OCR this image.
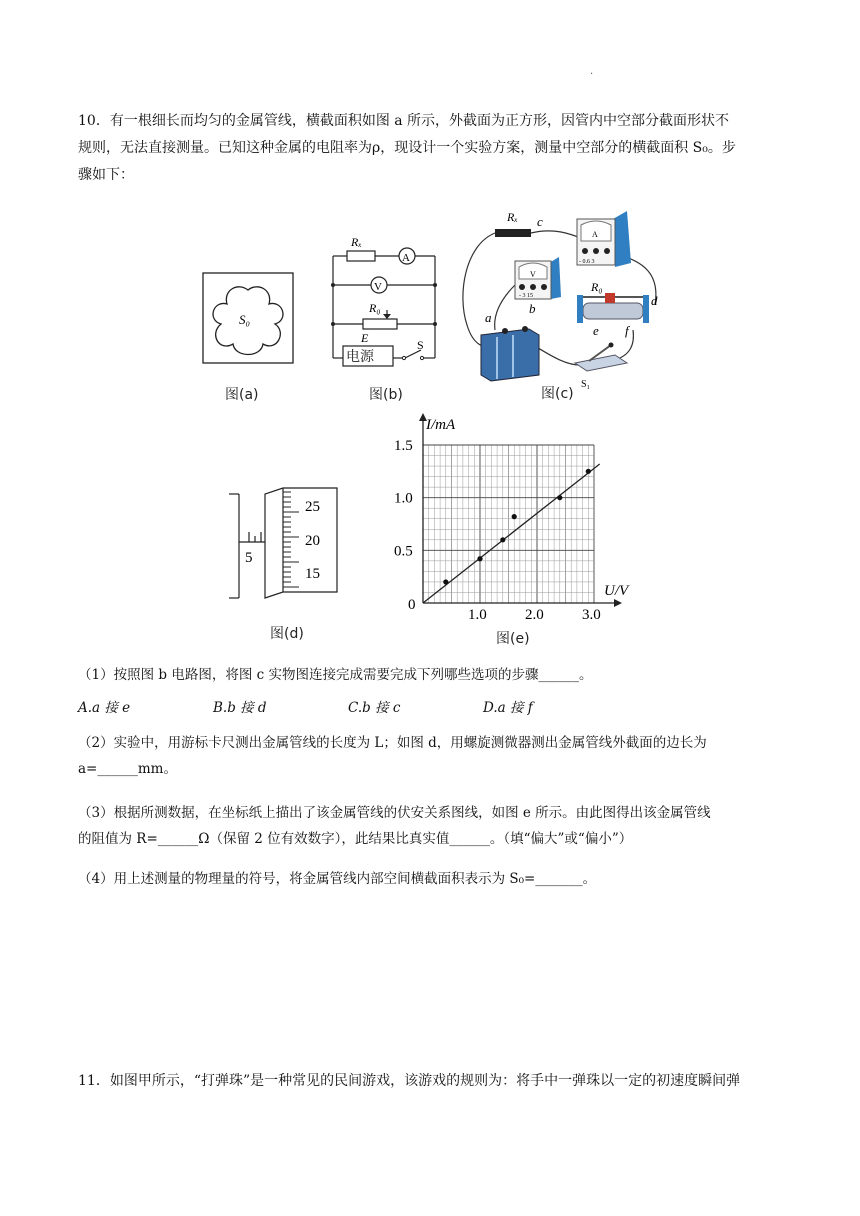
.
10．有一根细长而均匀的金属管线，横截面积如图 a 所示，外截面为正方形，因管内中空部分截面形状不
规则，无法直接测量。已知这种金属的电阻率为ρ，现设计一个实验方案，测量中空部分的横截面积 S₀。步
骤如下：
S₀
图(a)
Rₓ
A
V
R₀
E
电源
S
图(b)
Rₓ c
A
- 0.6 3
V
- 3 15
b
a
R₀
d
e f
S₁
图(c)
25
20
15
5
图(d)
1.0	2.0	3.0
0.5
1.0
1.5
I/mA
U/V
0
图(e)
（1）按照图 b 电路图，将图 c 实物图连接完成需要完成下列哪些选项的步骤______。
A.a 接 e	B.b 接 d	C.b 接 c	D.a 接 f
（2）实验中，用游标卡尺测出金属管线的长度为 L；如图 d，用螺旋测微器测出金属管线外截面的边长为
a=______mm。
（3）根据所测数据，在坐标纸上描出了该金属管线的伏安关系图线，如图 e 所示。由此图得出该金属管线
的阻值为 R=______Ω（保留 2 位有效数字），此结果比真实值______。（填“偏大”或“偏小”）
（4）用上述测量的物理量的符号，将金属管线内部空间横截面积表示为 S₀=_______。
11．如图甲所示，“打弹珠”是一种常见的民间游戏，该游戏的规则为：将手中一弹珠以一定的初速度瞬间弹
